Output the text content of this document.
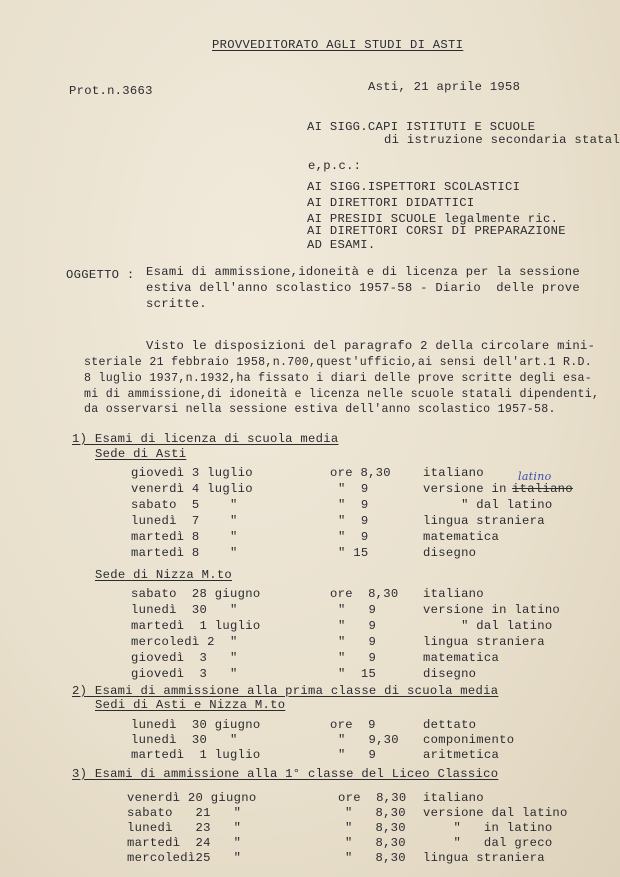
PROVVEDITORATO AGLI STUDI DI ASTI
Prot.n.3663	Asti, 21 aprile 1958
AI SIGG.CAPI ISTITUTI E SCUOLE
di istruzione secondaria statal
e,p.c.:
AI SIGG.ISPETTORI SCOLASTICI
AI DIRETTORI DIDATTICI
AI PRESIDI SCUOLE legalmente ric.
AI DIRETTORI CORSI DI PREPARAZIONE
AD ESAMI.
OGGETTO : Esami di ammissione,idoneità e di licenza per la sessione
estiva dell'anno scolastico 1957-58 - Diario  delle prove
scritte.
Visto le disposizioni del paragrafo 2 della circolare mini-
steriale 21 febbraio 1958,n.700,quest'ufficio,ai sensi dell'art.1 R.D.
8 luglio 1937,n.1932,ha fissato i diari delle prove scritte degli esa-
mi di ammissione,di idoneità e licenza nelle scuole statali dipendenti,
da osservarsi nella sessione estiva dell'anno scolastico 1957-58.
1) Esami di licenza di scuola media
Sede di Asti
giovedì 3 luglio	ore 8,30	italiano
venerdì 4 luglio	"  9	versione in italiano
latino
sabato  5    "	"  9	" dal latino
lunedì  7    "	"  9	lingua straniera
martedì 8    "	"  9	matematica
martedì 8    "	" 15	disegno
Sede di Nizza M.to
sabato  28 giugno	ore  8,30 italiano
lunedì  30   "	"   9	versione in latino
martedì  1 luglio	"   9	" dal latino
mercoledì 2  "	"   9	lingua straniera
giovedì  3   "	"   9	matematica
giovedì  3   "	"  15	disegno
2) Esami di ammissione alla prima classe di scuola media
Sedi di Asti e Nizza M.to
lunedì  30 giugno	ore  9	dettato
lunedì  30   "	"   9,30 componimento
martedì  1 luglio	"   9	aritmetica
3) Esami di ammissione alla 1° classe del Liceo Classico
venerdì 20 giugno	ore  8,30 italiano
sabato   21   "	"   8,30 versione dal latino
lunedì   23   "	"   8,30 "   in latino
martedì  24   "	"   8,30 "   dal greco
mercoledì25   "	"   8,30 lingua straniera
